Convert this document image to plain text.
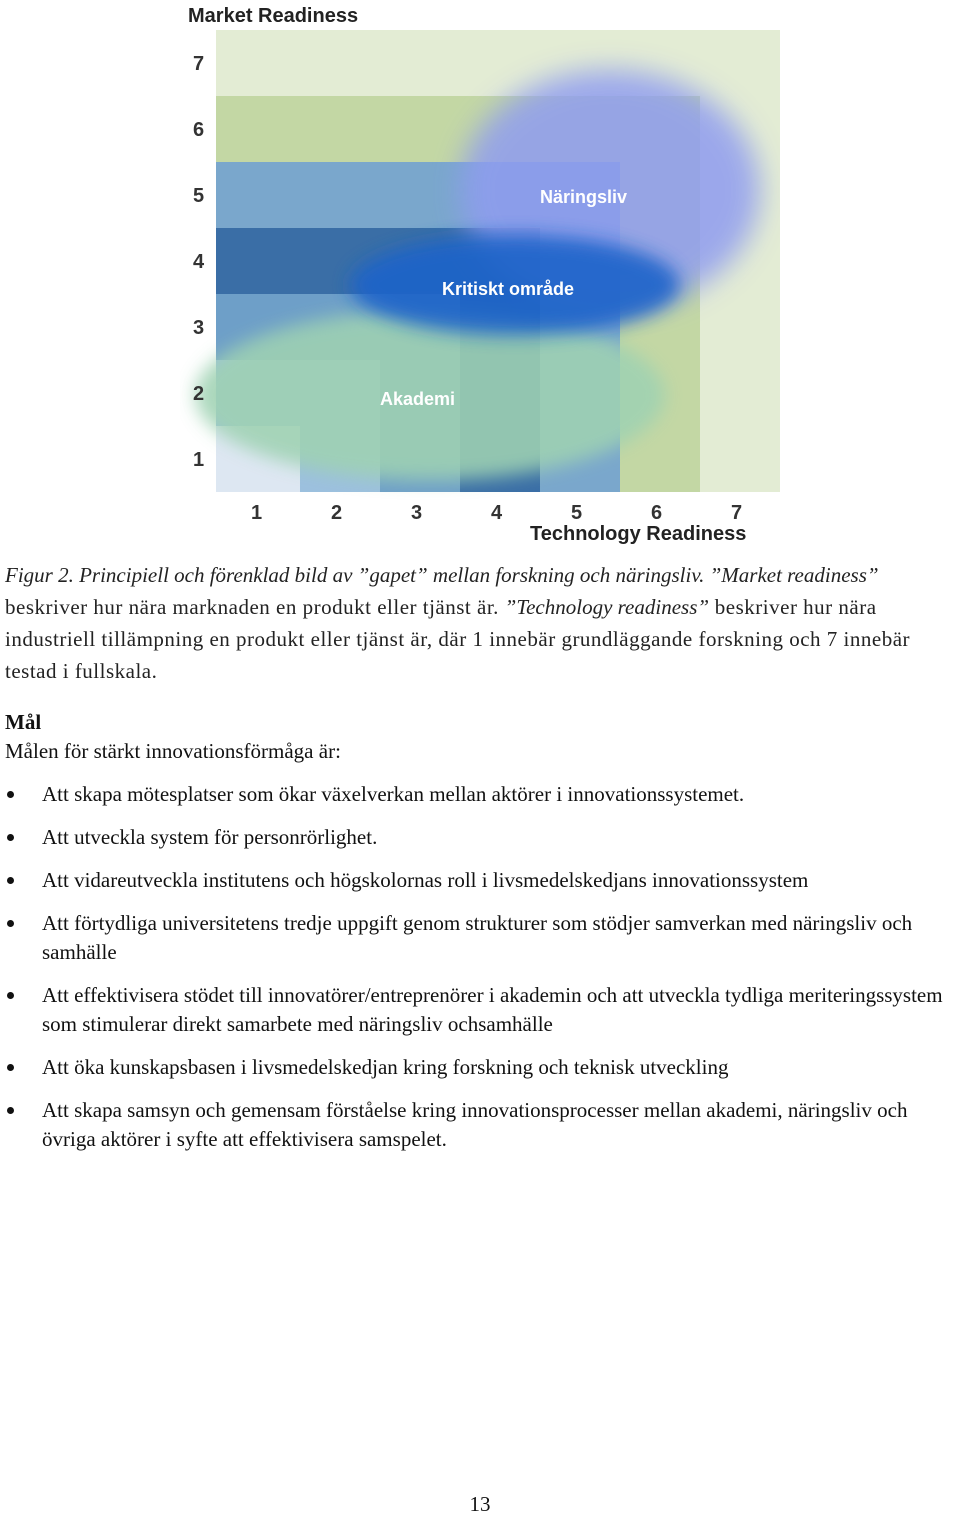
Market Readiness
Technology Readiness
Näringsliv
Kritiskt område
Akademi
7
6
5
4
3
2
1
1	2	3	4	5	6	7
Figur 2. Principiell och förenklad bild av ”gapet” mellan forskning och näringsliv. ”Market readiness” beskriver hur nära marknaden en produkt eller tjänst är. ”Technology readiness” beskriver hur nära industriell tillämpning en produkt eller tjänst är, där 1 innebär grundläggande forskning och 7 innebär testad i fullskala.
Mål
Målen för stärkt innovationsförmåga är:
Att skapa mötesplatser som ökar växelverkan mellan aktörer i innovationssystemet.
Att utveckla system för personrörlighet.
Att vidareutveckla institutens och högskolornas roll i livsmedelskedjans innovationssystem
Att förtydliga universitetens tredje uppgift genom strukturer som stödjer samverkan med näringsliv och samhälle
Att effektivisera stödet till innovatörer/entreprenörer i akademin och att utveckla tydliga meriteringssystem som stimulerar direkt samarbete med näringsliv ochsamhälle
Att öka kunskapsbasen i livsmedelskedjan kring forskning och teknisk utveckling
Att skapa samsyn och gemensam förståelse kring innovationsprocesser mellan akademi, näringsliv och övriga aktörer i syfte att effektivisera samspelet.
13
